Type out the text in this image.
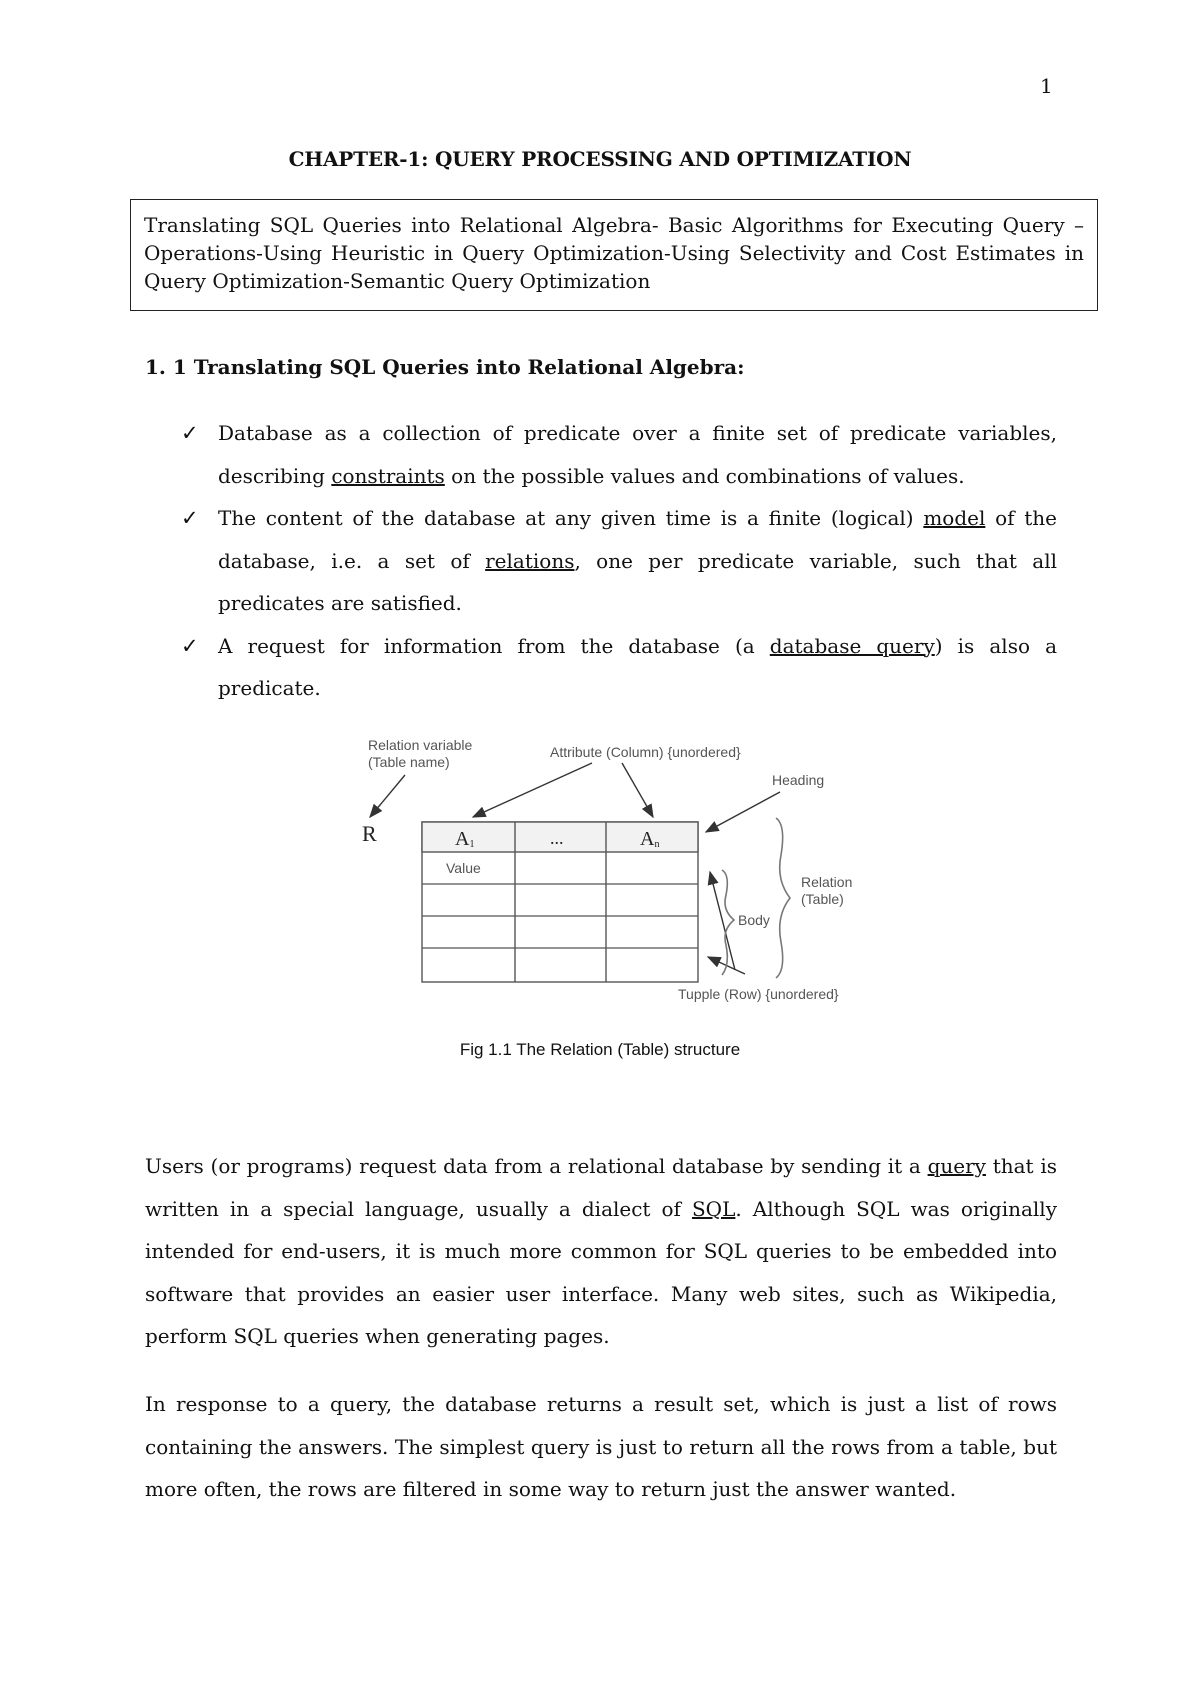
1
CHAPTER-1: QUERY PROCESSING AND OPTIMIZATION
Translating SQL Queries into Relational Algebra- Basic Algorithms for Executing Query –Operations-Using Heuristic in Query Optimization-Using Selectivity and Cost Estimates in Query Optimization-Semantic Query Optimization
1. 1 Translating SQL Queries into Relational Algebra:
✓ Database as a collection of predicate over a finite set of predicate variables, describing constraints on the possible values and combinations of values.
✓ The content of the database at any given time is a finite (logical) model of the database, i.e. a set of relations, one per predicate variable, such that all predicates are satisfied.
✓ A request for information from the database (a database query) is also a predicate.
Relation variable
(Table name)
Attribute (Column) {unordered}
Heading
R	A1	...	An
Value
Body
Relation
(Table)
Tupple (Row) {unordered}
Fig 1.1 The Relation (Table) structure

Users (or programs) request data from a relational database by sending it a query that is written in a special language, usually a dialect of SQL. Although SQL was originally intended for end-users, it is much more common for SQL queries to be embedded into software that provides an easier user interface. Many web sites, such as Wikipedia, perform SQL queries when generating pages.

In response to a query, the database returns a result set, which is just a list of rows containing the answers. The simplest query is just to return all the rows from a table, but more often, the rows are filtered in some way to return just the answer wanted.
